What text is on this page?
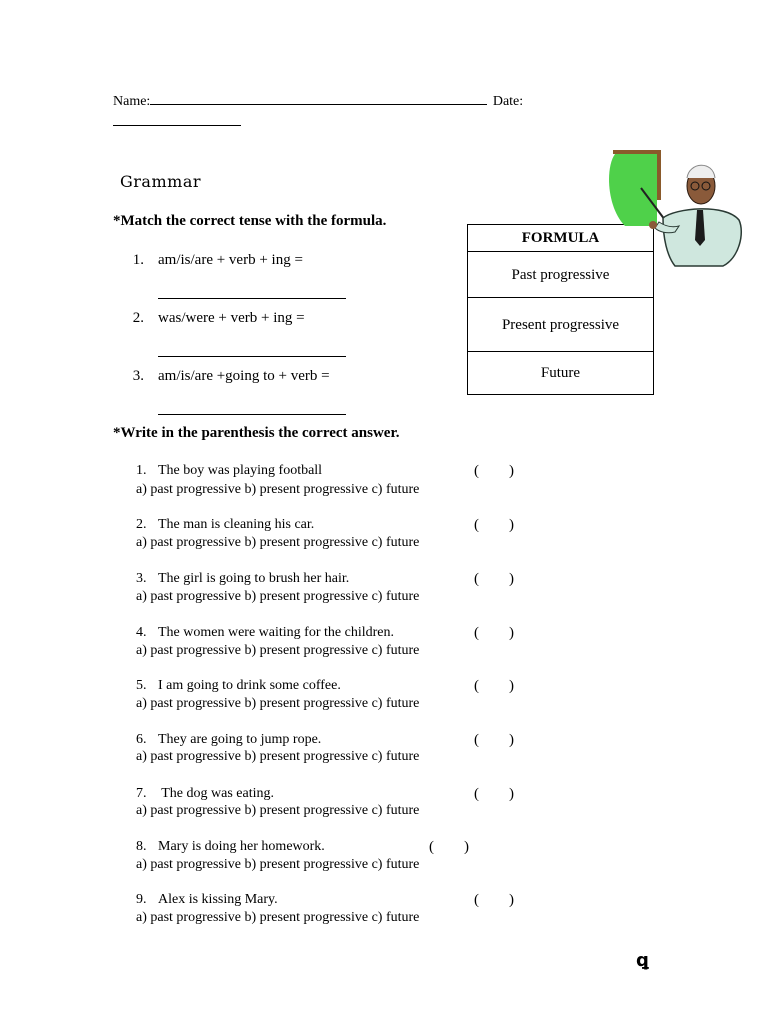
Name:	Date:
Grammar
*Match the correct tense with the formula.
1. am/is/are + verb + ing =
2. was/were + verb + ing =
3. am/is/are +going to + verb =
FORMULA
Past progressive
Present progressive
Future
*Write in the parenthesis the correct answer.
1. The boy was playing football	(        )
a) past progressive b) present progressive c) future
2. The man is cleaning his car.	(        )
a) past progressive b) present progressive c) future
3. The girl is going to brush her hair.	(        )
a) past progressive b) present progressive c) future
4. The women were waiting for the children.	(        )
a) past progressive b) present progressive c) future
5. I am going to drink some coffee.	(        )
a) past progressive b) present progressive c) future
6. They are going to jump rope.	(        )
a) past progressive b) present progressive c) future
7. The dog was eating.	(        )
a) past progressive b) present progressive c) future
8. Mary is doing her homework.	(        )
a) past progressive b) present progressive c) future
9. Alex is kissing Mary.	(        )
a) past progressive b) present progressive c) future
ꝗ
